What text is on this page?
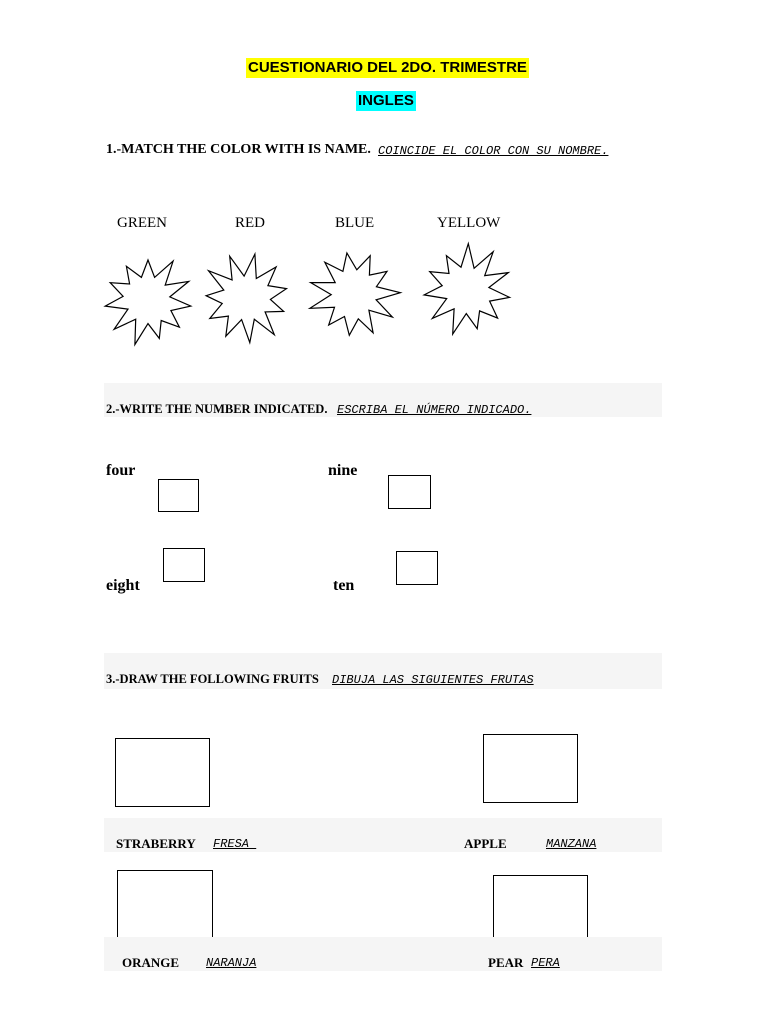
CUESTIONARIO DEL 2DO. TRIMESTRE
INGLES
1.-MATCH THE COLOR WITH IS NAME. COINCIDE EL COLOR CON SU NOMBRE.
GREEN	RED	BLUE	YELLOW
2.-WRITE THE NUMBER INDICATED. ESCRIBA EL NÚMERO INDICADO.
four	nine
eight	ten
3.-DRAW THE FOLLOWING FRUITS DIBUJA LAS SIGUIENTES FRUTAS
STRABERRY FRESA	APPLE	MANZANA
ORANGE NARANJA	PEAR PERA
